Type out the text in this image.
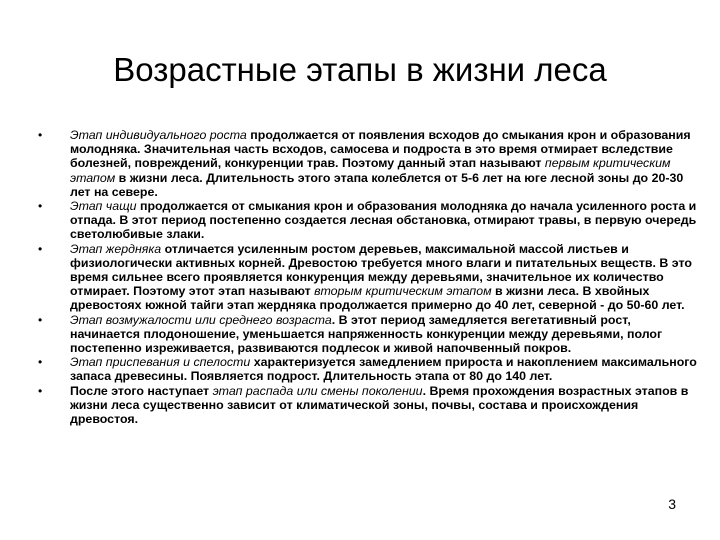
Возрастные этапы в жизни леса
• Этап индивидуального роста продолжается от появления всходов до смыкания крон и образования молодняка. Значительная часть всходов, самосева и подроста в это время отмирает вследствие болезней, повреждений, конкуренции трав. Поэтому данный этап называют первым критическим этапом в жизни леса. Длительность этого этапа колеблется от 5-6 лет на юге лесной зоны до 20-30 лет на севере.
• Этап чащи продолжается от смыкания крон и образования молодняка до начала усиленного роста и отпада. В этот период постепенно создается лесная обстановка, отмирают травы, в первую очередь светолюбивые злаки.
• Этап жердняка отличается усиленным ростом деревьев, максимальной массой листьев и физиологически активных корней. Древостою требуется много влаги и питательных веществ. В это время сильнее всего проявляется конкуренция между деревьями, значительное их количество отмирает. Поэтому этот этап называют вторым критическим этапом в жизни леса. В хвойных древостоях южной тайги этап жердняка продолжается примерно до 40 лет, северной - до 50-60 лет.
• Этап возмужалости или среднего возраста. В этот период замедляется вегетативный рост, начинается плодоношение, уменьшается напряженность конкуренции между деревьями, полог постепенно изреживается, развиваются подлесок и живой напочвенный покров.
• Этап приспевания и спелости характеризуется замедлением прироста и накоплением максимального запаса древесины. Появляется подрост. Длительность этапа от 80 до 140 лет.
• После этого наступает этап распада или смены поколении. Время прохождения возрастных этапов в жизни леса существенно зависит от климатической зоны, почвы, состава и происхождения древостоя.
3
